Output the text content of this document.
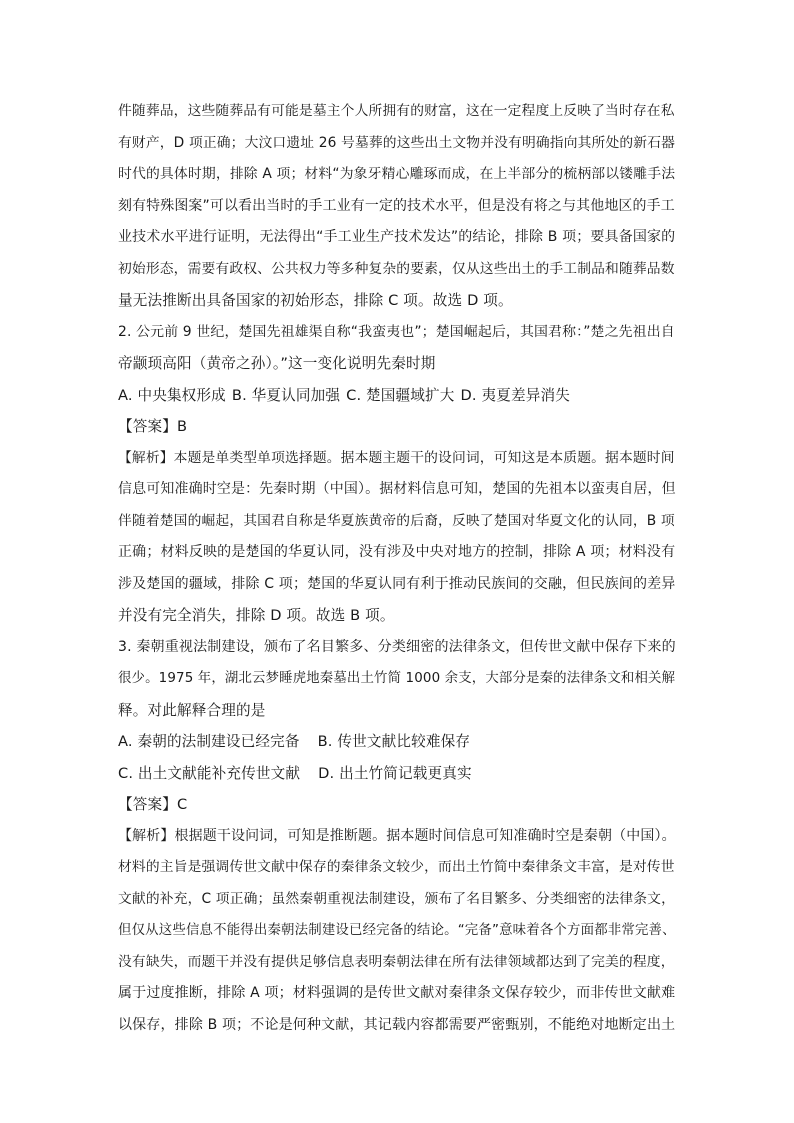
件随葬品，这些随葬品有可能是墓主个人所拥有的财富，这在一定程度上反映了当时存在私
有财产，D 项正确；大汶口遗址 26 号墓葬的这些出土文物并没有明确指向其所处的新石器
时代的具体时期，排除 A 项；材料“为象牙精心雕琢而成，在上半部分的梳柄部以镂雕手法
刻有特殊图案”可以看出当时的手工业有一定的技术水平，但是没有将之与其他地区的手工
业技术水平进行证明，无法得出“手工业生产技术发达”的结论，排除 B 项；要具备国家的
初始形态，需要有政权、公共权力等多种复杂的要素，仅从这些出土的手工制品和随葬品数
量无法推断出具备国家的初始形态，排除 C 项。故选 D 项。
2. 公元前 9 世纪，楚国先祖雄渠自称“我蛮夷也”；楚国崛起后，其国君称：”楚之先祖出自
帝颛顼高阳（黄帝之孙）。”这一变化说明先秦时期
A. 中央集权形成 B. 华夏认同加强 C. 楚国疆域扩大 D. 夷夏差异消失
【答案】B
【解析】本题是单类型单项选择题。据本题主题干的设问词，可知这是本质题。据本题时间
信息可知准确时空是：先秦时期（中国）。据材料信息可知，楚国的先祖本以蛮夷自居，但
伴随着楚国的崛起，其国君自称是华夏族黄帝的后裔，反映了楚国对华夏文化的认同，B 项
正确；材料反映的是楚国的华夏认同，没有涉及中央对地方的控制，排除 A 项；材料没有
涉及楚国的疆域，排除 C 项；楚国的华夏认同有利于推动民族间的交融，但民族间的差异
并没有完全消失，排除 D 项。故选 B 项。
3. 秦朝重视法制建设，颁布了名目繁多、分类细密的法律条文，但传世文献中保存下来的
很少。1975 年，湖北云梦睡虎地秦墓出土竹简 1000 余支，大部分是秦的法律条文和相关解
释。对此解释合理的是
A. 秦朝的法制建设已经完备 B. 传世文献比较难保存
C. 出土文献能补充传世文献 D. 出土竹简记载更真实
【答案】C
【解析】根据题干设问词，可知是推断题。据本题时间信息可知准确时空是秦朝（中国）。
材料的主旨是强调传世文献中保存的秦律条文较少，而出土竹简中秦律条文丰富，是对传世
文献的补充，C 项正确；虽然秦朝重视法制建设，颁布了名目繁多、分类细密的法律条文，
但仅从这些信息不能得出秦朝法制建设已经完备的结论。“完备”意味着各个方面都非常完善、
没有缺失，而题干并没有提供足够信息表明秦朝法律在所有法律领域都达到了完美的程度，
属于过度推断，排除 A 项；材料强调的是传世文献对秦律条文保存较少，而非传世文献难
以保存，排除 B 项；不论是何种文献，其记载内容都需要严密甄别，不能绝对地断定出土
